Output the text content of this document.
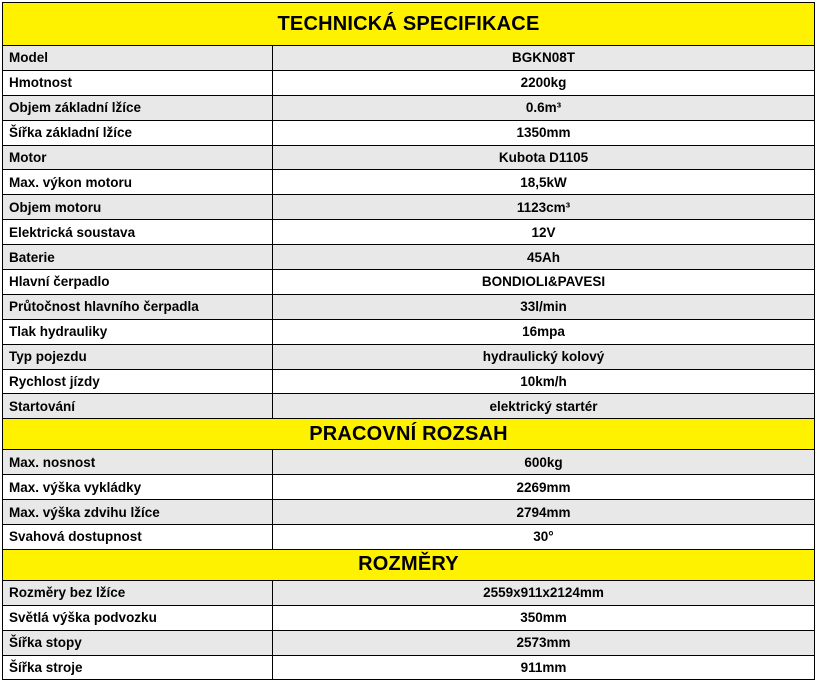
TECHNICKÁ SPECIFIKACE	
Model	BGKN08T
Hmotnost	2200kg
Objem základní lžíce	0.6m³
Šířka základní lžíce	1350mm
Motor	Kubota D1105
Max. výkon motoru	18,5kW
Objem motoru	1123cm³
Elektrická soustava	12V
Baterie	45Ah
Hlavní čerpadlo	BONDIOLI&PAVESI
Průtočnost hlavního čerpadla	33l/min
Tlak hydrauliky	16mpa
Typ pojezdu	hydraulický kolový
Rychlost jízdy	10km/h
Startování	elektrický startér
PRACOVNÍ ROZSAH	
Max. nosnost	600kg
Max. výška vykládky	2269mm
Max. výška zdvihu lžíce	2794mm
Svahová dostupnost	30°
ROZMĚRY	
Rozměry bez lžíce	2559x911x2124mm
Světlá výška podvozku	350mm
Šířka stopy	2573mm
Šířka stroje	911mm
